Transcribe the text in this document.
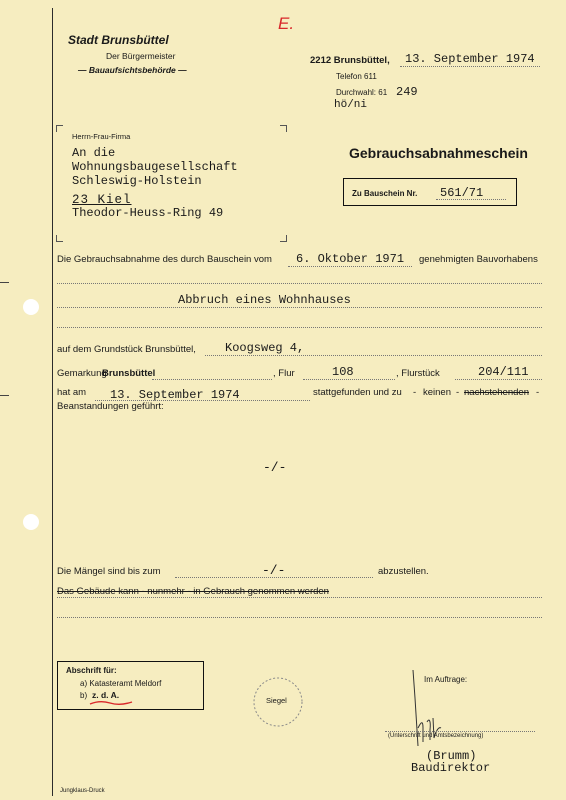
E.
Stadt Brunsbüttel
Der Bürgermeister
— Bauaufsichtsbehörde —
2212 Brunsbüttel, 13. September 1974
Telefon 611
Durchwahl: 61 249
hö/ni
Herrn-Frau-Firma
An die
Wohnungsbaugesellschaft
Schleswig-Holstein
23 Kiel
Theodor-Heuss-Ring 49
Gebrauchsabnahmeschein
Zu Bauschein Nr. 561/71
Die Gebrauchsabnahme des durch Bauschein vom 6. Oktober 1971 genehmigten Bauvorhabens
Abbruch eines Wohnhauses
auf dem Grundstück Brunsbüttel, Koogsweg 4,
Gemarkung
Brunsbüttel	, Flur	108	, Flurstück	204/111
hat am 13. September 1974	stattgefunden und zu - keinen - nachstehenden -
Beanstandungen geführt:
-/-
Die Mängel sind bis zum	-/-	abzustellen.
Das Gebäude kann - nunmehr - in Gebrauch genommen werden
Abschrift für:
a) Katasteramt Meldorf
b) z. d. A.
Siegel
Im Auftrage:
(Unterschrift und Amtsbezeichnung)
(Brumm)
Baudirektor
Jungklaus-Druck
